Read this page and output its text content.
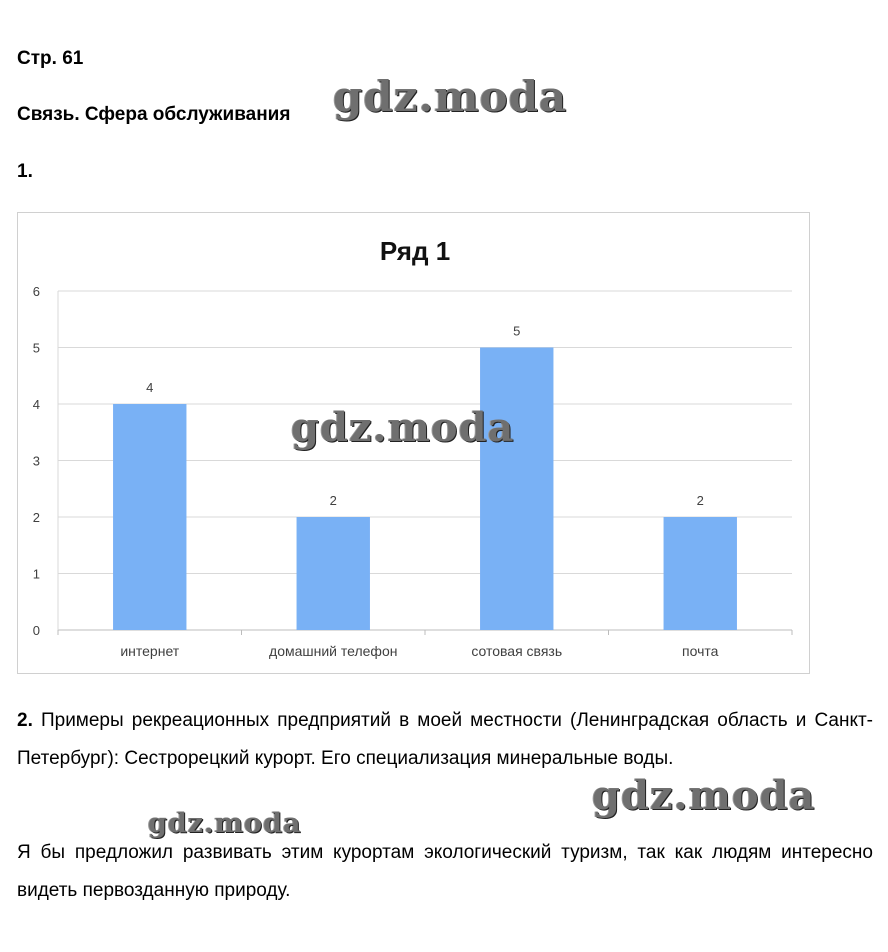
Стр. 61
Связь. Сфера обслуживания
1.
Ряд 1
0
1
2
3
4
5
6
4
интернет
2
домашний телефон
5
сотовая связь
2
почта
2. Примеры рекреационных предприятий в моей местности (Ленинградская область и Санкт-Петербург): Сестрорецкий курорт. Его специализация минеральные воды.
Я бы предложил развивать этим курортам экологический туризм, так как людям интересно видеть первозданную природу.
gdz.moda
gdz.moda
gdz.moda
gdz.moda
